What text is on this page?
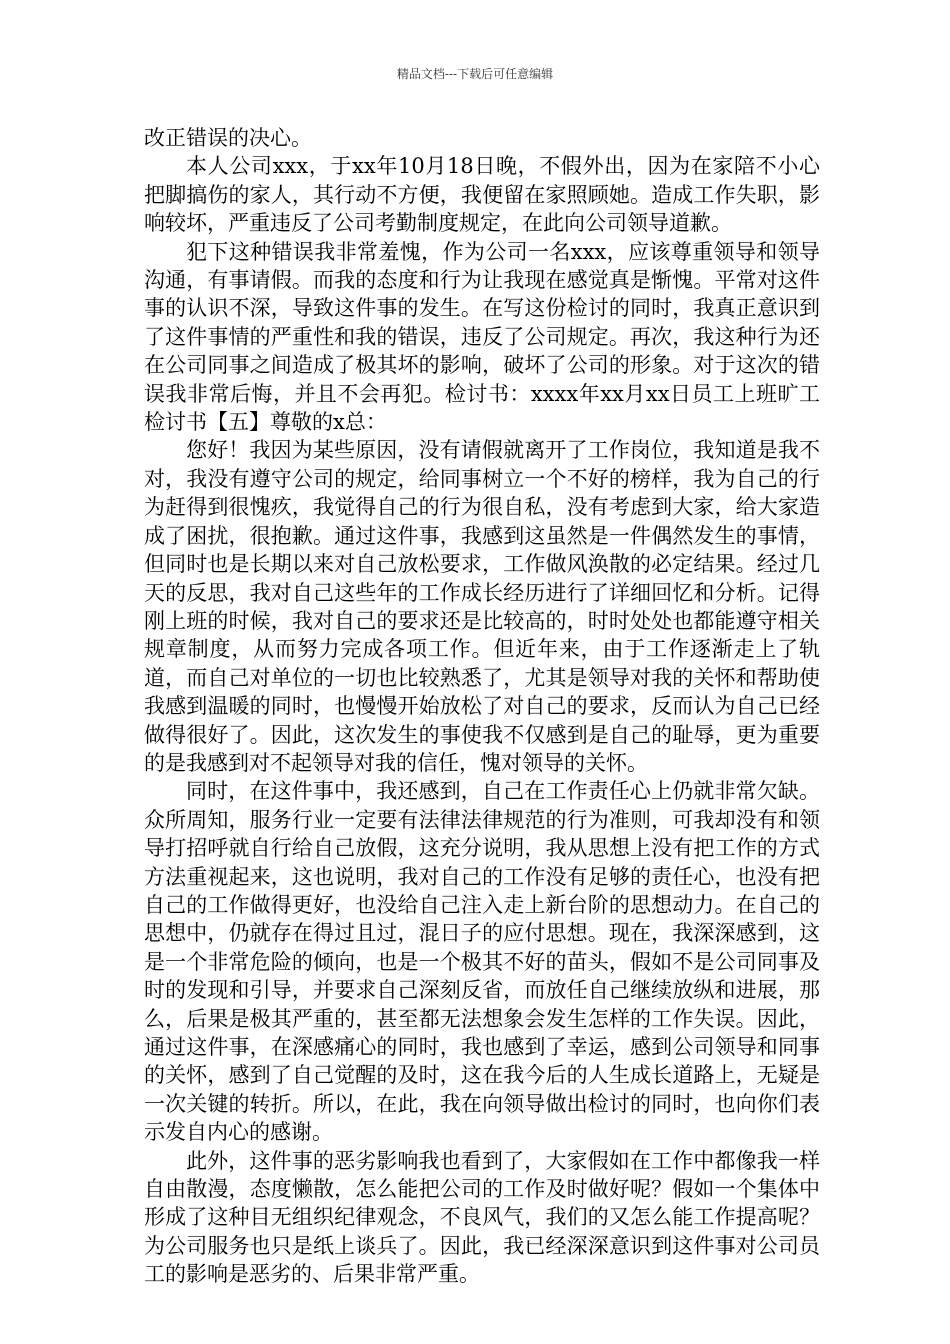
精品文档---下载后可任意编辑

改正错误的决心。

本人公司xxx，于xx年10月18日晚，不假外出，因为在家陪不小心把脚搞伤的家人，其行动不方便，我便留在家照顾她。造成工作失职，影响较坏，严重违反了公司考勤制度规定，在此向公司领导道歉。

犯下这种错误我非常羞愧，作为公司一名xxx，应该尊重领导和领导沟通，有事请假。而我的态度和行为让我现在感觉真是惭愧。平常对这件事的认识不深，导致这件事的发生。在写这份检讨的同时，我真正意识到了这件事情的严重性和我的错误，违反了公司规定。再次，我这种行为还在公司同事之间造成了极其坏的影响，破坏了公司的形象。对于这次的错误我非常后悔，并且不会再犯。检讨书：xxxx年xx月xx日员工上班旷工检讨书【五】尊敬的x总：

您好！我因为某些原因，没有请假就离开了工作岗位，我知道是我不对，我没有遵守公司的规定，给同事树立一个不好的榜样，我为自己的行为赶得到很愧疚，我觉得自己的行为很自私，没有考虑到大家，给大家造成了困扰，很抱歉。通过这件事，我感到这虽然是一件偶然发生的事情，但同时也是长期以来对自己放松要求，工作做风涣散的必定结果。经过几天的反思，我对自己这些年的工作成长经历进行了详细回忆和分析。记得刚上班的时候，我对自己的要求还是比较高的，时时处处也都能遵守相关规章制度，从而努力完成各项工作。但近年来，由于工作逐渐走上了轨道，而自己对单位的一切也比较熟悉了，尤其是领导对我的关怀和帮助使我感到温暖的同时，也慢慢开始放松了对自己的要求，反而认为自己已经做得很好了。因此，这次发生的事使我不仅感到是自己的耻辱，更为重要的是我感到对不起领导对我的信任，愧对领导的关怀。

同时，在这件事中，我还感到，自己在工作责任心上仍就非常欠缺。众所周知，服务行业一定要有法律法律规范的行为准则，可我却没有和领导打招呼就自行给自己放假，这充分说明，我从思想上没有把工作的方式方法重视起来，这也说明，我对自己的工作没有足够的责任心，也没有把自己的工作做得更好，也没给自己注入走上新台阶的思想动力。在自己的思想中，仍就存在得过且过，混日子的应付思想。现在，我深深感到，这是一个非常危险的倾向，也是一个极其不好的苗头，假如不是公司同事及时的发现和引导，并要求自己深刻反省，而放任自己继续放纵和进展，那么，后果是极其严重的，甚至都无法想象会发生怎样的工作失误。因此，通过这件事，在深感痛心的同时，我也感到了幸运，感到公司领导和同事的关怀，感到了自己觉醒的及时，这在我今后的人生成长道路上，无疑是一次关键的转折。所以，在此，我在向领导做出检讨的同时，也向你们表示发自内心的感谢。

此外，这件事的恶劣影响我也看到了，大家假如在工作中都像我一样自由散漫，态度懒散，怎么能把公司的工作及时做好呢？假如一个集体中形成了这种目无组织纪律观念，不良风气，我们的又怎么能工作提高呢？为公司服务也只是纸上谈兵了。因此，我已经深深意识到这件事对公司员工的影响是恶劣的、后果非常严重。
